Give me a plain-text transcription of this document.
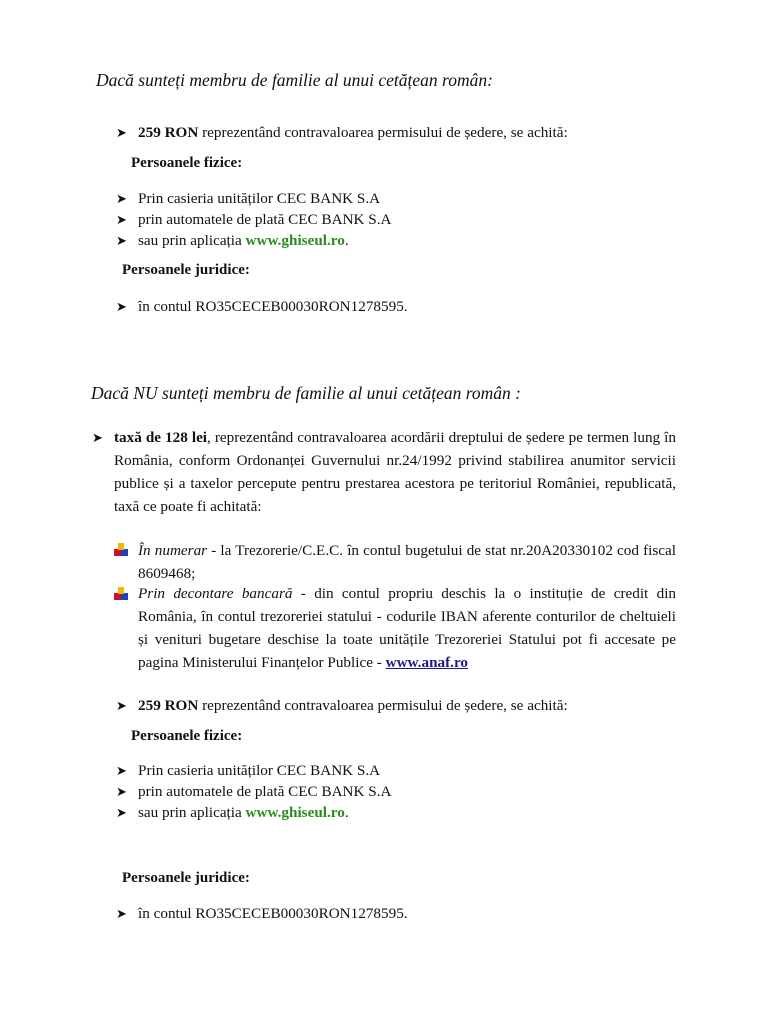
Dacă sunteți membru de familie al unui cetățean român:
➤ 259 RON reprezentând contravaloarea permisului de ședere, se achită:
Persoanele fizice:
➤ Prin casieria unităților CEC BANK S.A
➤ prin automatele de plată CEC BANK S.A
➤ sau prin aplicația www.ghiseul.ro.
Persoanele juridice:
➤ în contul RO35CECEB00030RON1278595.
Dacă NU sunteți membru de familie al unui cetățean român :
➤ taxă de 128 lei, reprezentând contravaloarea acordării dreptului de ședere pe termen lung în România, conform Ordonanței Guvernului nr.24/1992 privind stabilirea anumitor servicii publice și a taxelor percepute pentru prestarea acestora pe teritoriul României, republicată, taxă ce poate fi achitată:
În numerar - la Trezorerie/C.E.C. în contul bugetului de stat nr.20A20330102 cod fiscal 8609468;
Prin decontare bancară - din contul propriu deschis la o instituție de credit din România, în contul trezoreriei statului - codurile IBAN aferente conturilor de cheltuieli și venituri bugetare deschise la toate unitățile Trezoreriei Statului pot fi accesate pe pagina Ministerului Finanțelor Publice - www.anaf.ro
➤ 259 RON reprezentând contravaloarea permisului de ședere, se achită:
Persoanele fizice:
➤ Prin casieria unităților CEC BANK S.A
➤ prin automatele de plată CEC BANK S.A
➤ sau prin aplicația www.ghiseul.ro.
Persoanele juridice:
➤ în contul RO35CECEB00030RON1278595.
